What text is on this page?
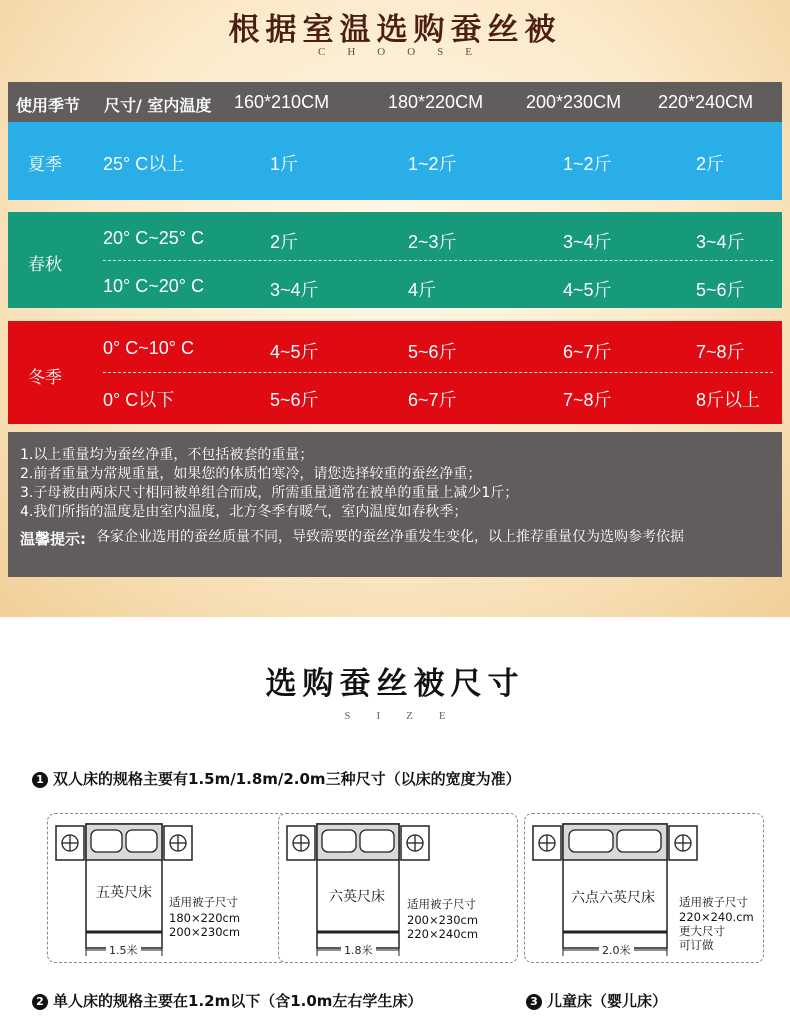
根据室温选购蚕丝被
CHOOSE
使用季节 尺寸/ 室内温度 160*210CM	180*220CM 200*230CM 220*240CM
夏季 25° C以上	1斤	1~2斤	1~2斤	2斤
春秋
20° C~25° C	2斤	2~3斤	3~4斤	3~4斤
10° C~20° C	3~4斤	4斤	4~5斤	5~6斤
冬季
0° C~10° C	4~5斤	5~6斤	6~7斤	7~8斤
0° C以下	5~6斤	6~7斤	7~8斤	8斤以上
1.以上重量均为蚕丝净重，不包括被套的重量；
2.前者重量为常规重量，如果您的体质怕寒冷，请您选择较重的蚕丝净重；
3.子母被由两床尺寸相同被单组合而成，所需重量通常在被单的重量上减少1斤；
4.我们所指的温度是由室内温度，北方冬季有暖气，室内温度如春秋季；
温馨提示: 各家企业选用的蚕丝质量不同，导致需要的蚕丝净重发生变化，以上推荐重量仅为选购参考依据
选购蚕丝被尺寸
SIZE
1 双人床的规格主要有1.5m/1.8m/2.0m三种尺寸（以床的宽度为准）
五英尺床
适用被子尺寸
180×220cm
200×230cm
1.5米
六英尺床 适用被子尺寸
200×230cm
220×240cm
1.8米
六点六英尺床 适用被子尺寸
220×240.cm
更大尺寸
可订做
2.0米
2 单人床的规格主要在1.2m以下（含1.0m左右学生床）	3 儿童床（婴儿床）
